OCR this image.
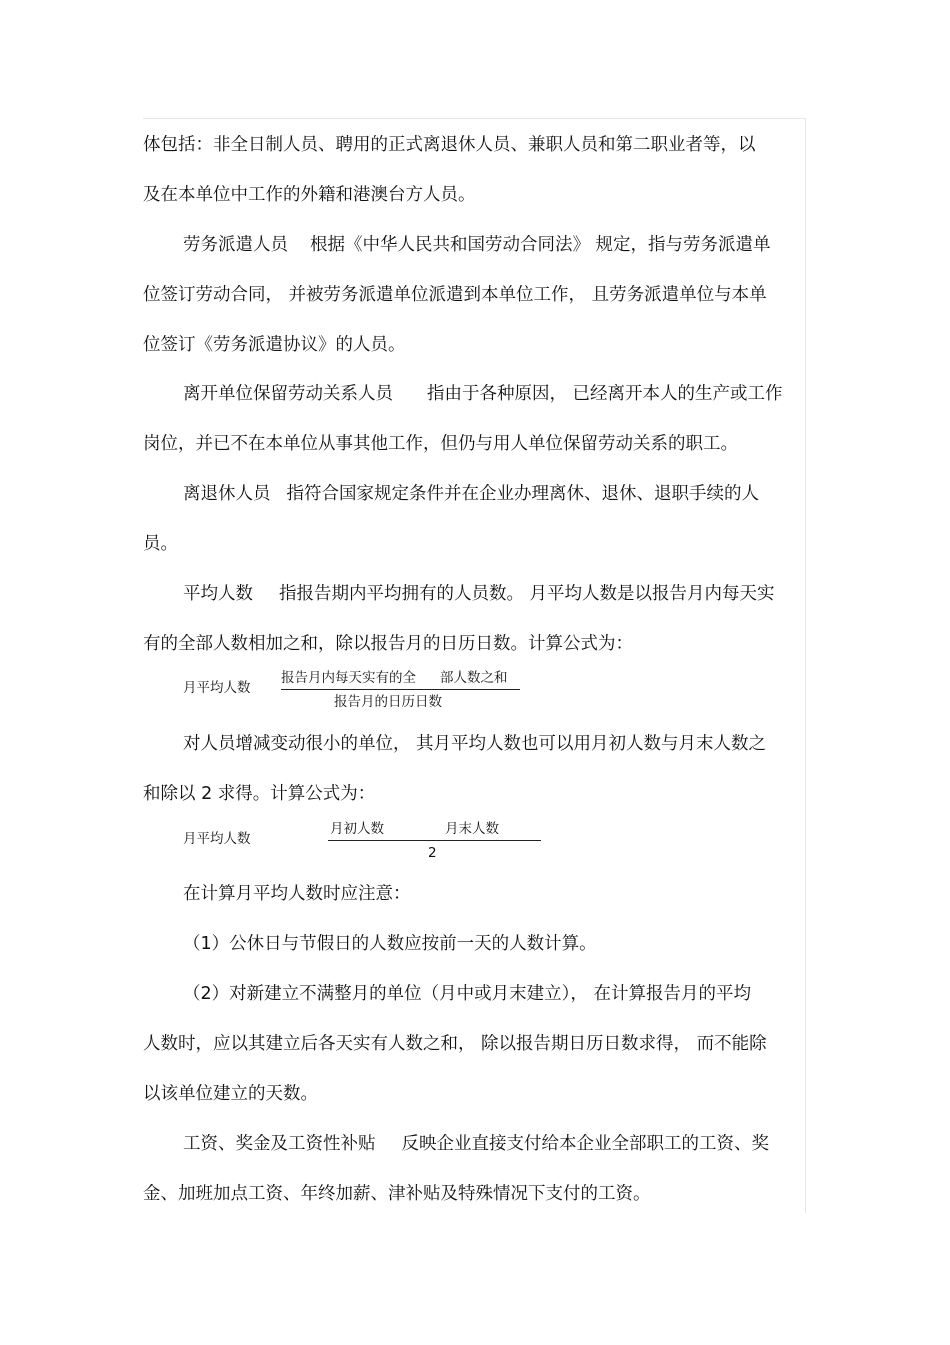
体包括：非全日制人员、聘用的正式离退休人员、兼职人员和第二职业者等，以
及在本单位中工作的外籍和港澳台方人员。
劳务派遣人员 根据《中华人民共和国劳动合同法》 规定，指与劳务派遣单
位签订劳动合同， 并被劳务派遣单位派遣到本单位工作， 且劳务派遣单位与本单
位签订《劳务派遣协议》的人员。
离开单位保留劳动关系人员 指由于各种原因， 已经离开本人的生产或工作
岗位，并已不在本单位从事其他工作，但仍与用人单位保留劳动关系的职工。
离退休人员 指符合国家规定条件并在企业办理离休、退休、退职手续的人
员。
平均人数 指报告期内平均拥有的人员数。 月平均人数是以报告月内每天实
有的全部人数相加之和，除以报告月的日历日数。计算公式为：
月平均人数
报告月内每天实有的全 部人数之和
报告月的日历日数
对人员增减变动很小的单位， 其月平均人数也可以用月初人数与月末人数之
和除以 2 求得。计算公式为：
月平均人数
月初人数	月末人数
2
在计算月平均人数时应注意：
（1）公休日与节假日的人数应按前一天的人数计算。
（2）对新建立不满整月的单位（月中或月末建立）， 在计算报告月的平均
人数时，应以其建立后各天实有人数之和， 除以报告期日历日数求得， 而不能除
以该单位建立的天数。
工资、奖金及工资性补贴 反映企业直接支付给本企业全部职工的工资、奖
金、加班加点工资、年终加薪、津补贴及特殊情况下支付的工资。
